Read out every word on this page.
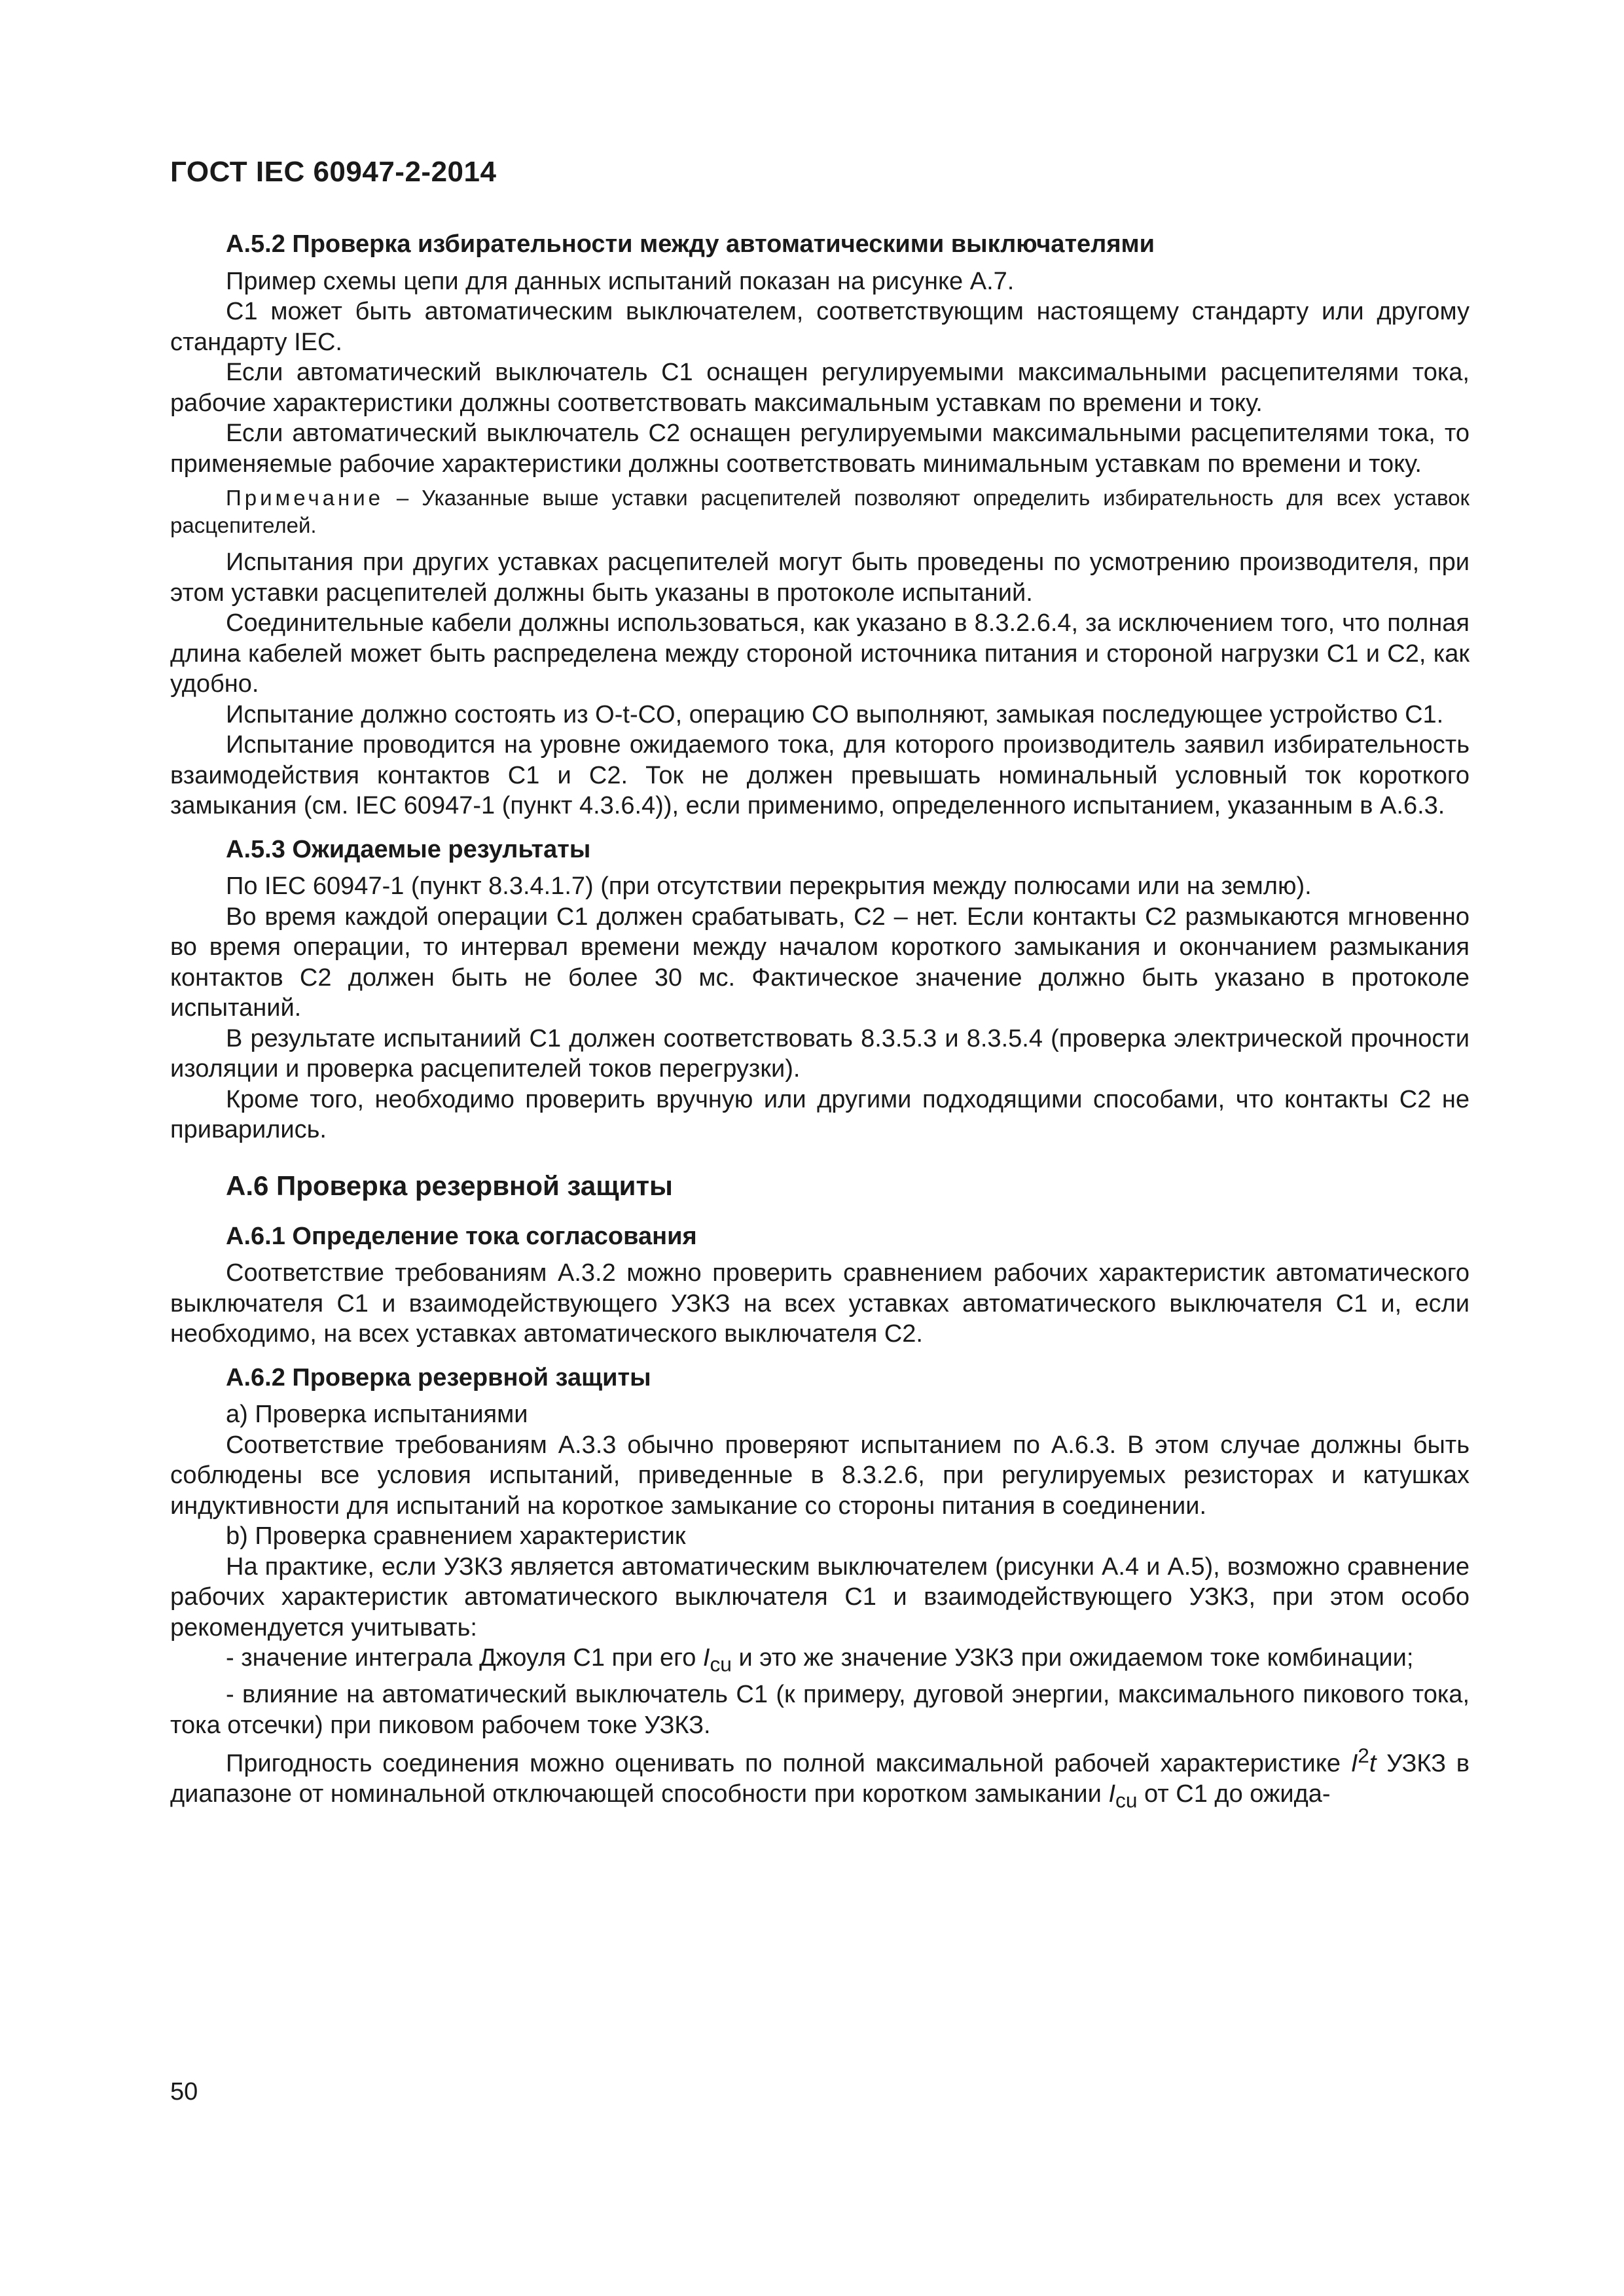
ГОСТ IEC 60947-2-2014
А.5.2 Проверка избирательности между автоматическими выключателями

Пример схемы цепи для данных испытаний показан на рисунке А.7.

С1 может быть автоматическим выключателем, соответствующим настоящему стандарту или другому стандарту IEC.

Если автоматический выключатель С1 оснащен регулируемыми максимальными расцепителями тока, рабочие характеристики должны соответствовать максимальным уставкам по времени и току.

Если автоматический выключатель С2 оснащен регулируемыми максимальными расцепителями тока, то применяемые рабочие характеристики должны соответствовать минимальным уставкам по времени и току.

Примечание – Указанные выше уставки расцепителей позволяют определить избирательность для всех уставок расцепителей.

Испытания при других уставках расцепителей могут быть проведены по усмотрению производителя, при этом уставки расцепителей должны быть указаны в протоколе испытаний.

Соединительные кабели должны использоваться, как указано в 8.3.2.6.4, за исключением того, что полная длина кабелей может быть распределена между стороной источника питания и стороной нагрузки С1 и С2, как удобно.

Испытание должно состоять из O-t-CO, операцию CO выполняют, замыкая последующее устройство С1.

Испытание проводится на уровне ожидаемого тока, для которого производитель заявил избирательность взаимодействия контактов С1 и С2. Ток не должен превышать номинальный условный ток короткого замыкания (см. IEC 60947-1 (пункт 4.3.6.4)), если применимо, определенного испытанием, указанным в А.6.3.

А.5.3 Ожидаемые результаты

По IEC 60947-1 (пункт 8.3.4.1.7) (при отсутствии перекрытия между полюсами или на землю).

Во время каждой операции С1 должен срабатывать, С2 – нет. Если контакты С2 размыкаются мгновенно во время операции, то интервал времени между началом короткого замыкания и окончанием размыкания контактов С2 должен быть не более 30 мс. Фактическое значение должно быть указано в протоколе испытаний.

В результате испытаниий С1 должен соответствовать 8.3.5.3 и 8.3.5.4 (проверка электрической прочности изоляции и проверка расцепителей токов перегрузки).

Кроме того, необходимо проверить вручную или другими подходящими способами, что контакты С2 не приварились.

А.6 Проверка резервной защиты
А.6.1 Определение тока согласования

Соответствие требованиям А.3.2 можно проверить сравнением рабочих характеристик автоматического выключателя С1 и взаимодействующего УЗКЗ на всех уставках автоматического выключателя С1 и, если необходимо, на всех уставках автоматического выключателя С2.

А.6.2 Проверка резервной защиты

a) Проверка испытаниями

Соответствие требованиям А.3.3 обычно проверяют испытанием по А.6.3. В этом случае должны быть соблюдены все условия испытаний, приведенные в 8.3.2.6, при регулируемых резисторах и катушках индуктивности для испытаний на короткое замыкание со стороны питания в соединении.

b) Проверка сравнением характеристик

На практике, если УЗКЗ является автоматическим выключателем (рисунки А.4 и А.5), возможно сравнение рабочих характеристик автоматического выключателя С1 и взаимодействующего УЗКЗ, при этом особо рекомендуется учитывать:

- значение интеграла Джоуля С1 при его $I_{cu}$ и это же значение УЗКЗ при ожидаемом токе комбинации;

- влияние на автоматический выключатель С1 (к примеру, дуговой энергии, максимального пикового тока, тока отсечки) при пиковом рабочем токе УЗКЗ.

Пригодность соединения можно оценивать по полной максимальной рабочей характеристике $I^2t$ УЗКЗ в диапазоне от номинальной отключающей способности при коротком замыкании $I_{cu}$ от С1 до ожида-

50
